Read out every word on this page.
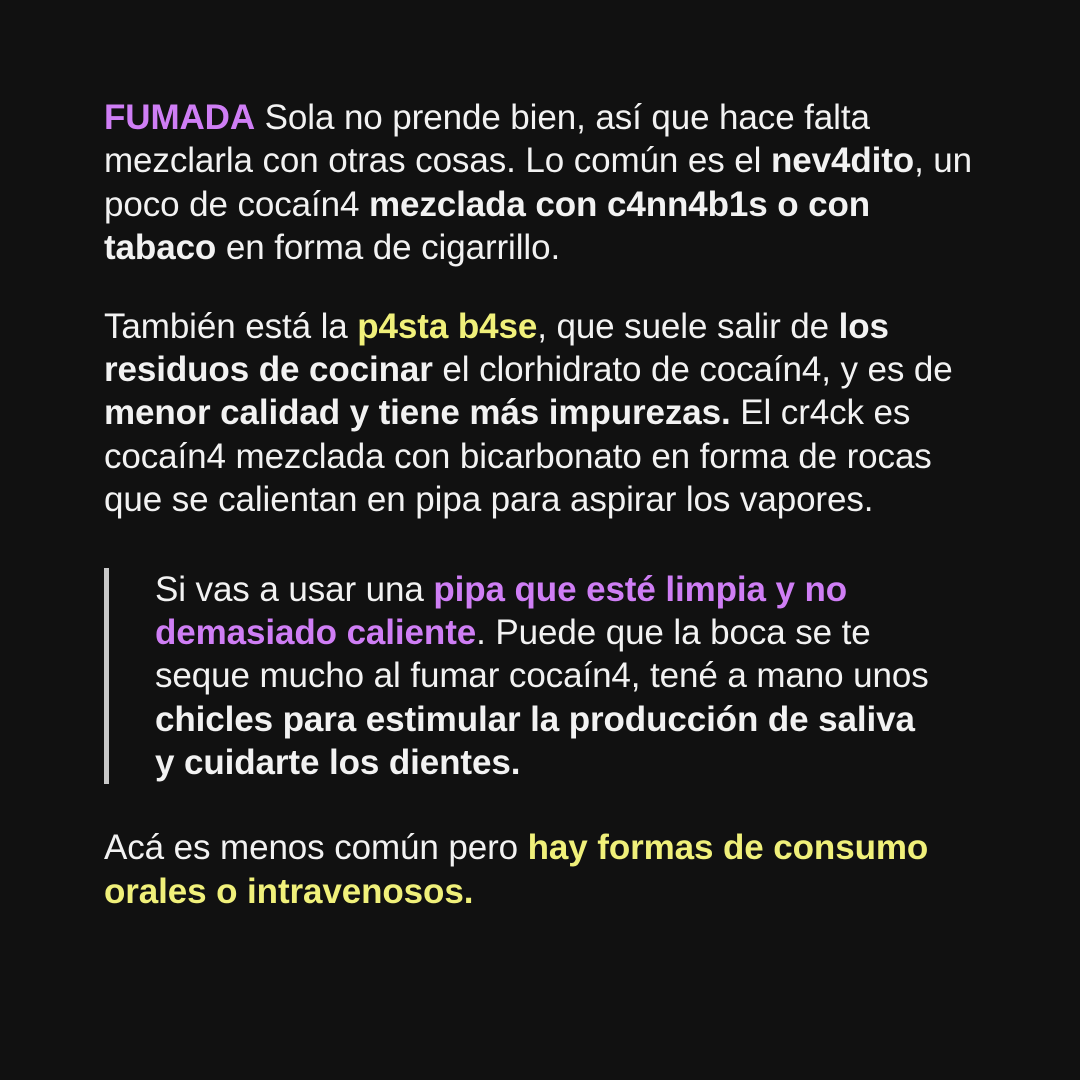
FUMADA Sola no prende bien, así que hace falta mezclarla con otras cosas. Lo común es el nev4dito, un poco de cocaín4 mezclada con c4nn4b1s o con tabaco en forma de cigarrillo.

También está la p4sta b4se, que suele salir de los residuos de cocinar el clorhidrato de cocaín4, y es de menor calidad y tiene más impurezas. El cr4ck es cocaín4 mezclada con bicarbonato en forma de rocas que se calientan en pipa para aspirar los vapores.

Si vas a usar una pipa que esté limpia y no demasiado caliente. Puede que la boca se te seque mucho al fumar cocaín4, tené a mano unos chicles para estimular la producción de saliva y cuidarte los dientes.

Acá es menos común pero hay formas de consumo orales o intravenosos.
